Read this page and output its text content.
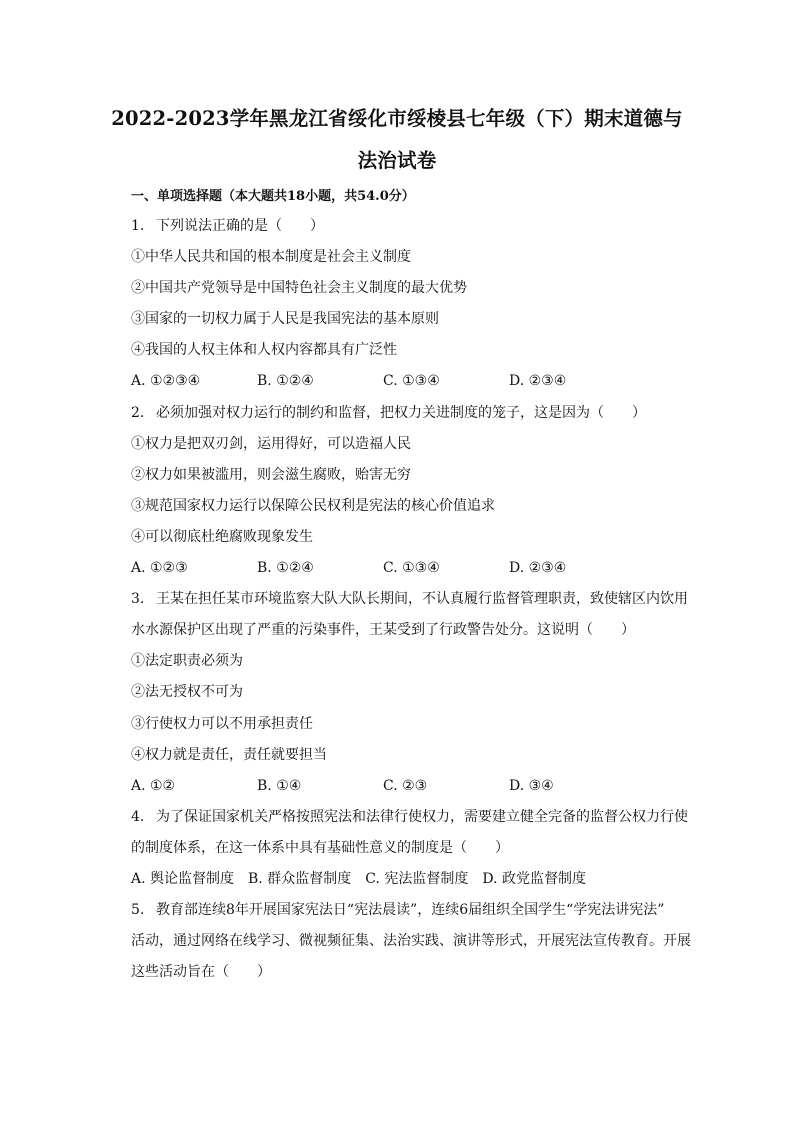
2022-2023学年黑龙江省绥化市绥棱县七年级（下）期末道德与
法治试卷
一、单项选择题（本大题共18小题，共54.0分）
1. 下列说法正确的是（　　）
①中华人民共和国的根本制度是社会主义制度
②中国共产党领导是中国特色社会主义制度的最大优势
③国家的一切权力属于人民是我国宪法的基本原则
④我国的人权主体和人权内容都具有广泛性
A. ①②③④	B. ①②④	C. ①③④	D. ②③④
2. 必须加强对权力运行的制约和监督，把权力关进制度的笼子，这是因为（　　）
①权力是把双刃剑，运用得好，可以造福人民
②权力如果被滥用，则会滋生腐败，贻害无穷
③规范国家权力运行以保障公民权利是宪法的核心价值追求
④可以彻底杜绝腐败现象发生
A. ①②③	B. ①②④	C. ①③④	D. ②③④
3. 王某在担任某市环境监察大队大队长期间，不认真履行监督管理职责，致使辖区内饮用
水水源保护区出现了严重的污染事件，王某受到了行政警告处分。这说明（　　）
①法定职责必须为
②法无授权不可为
③行使权力可以不用承担责任
④权力就是责任，责任就要担当
A. ①②	B. ①④	C. ②③	D. ③④
4. 为了保证国家机关严格按照宪法和法律行使权力，需要建立健全完备的监督公权力行使
的制度体系，在这一体系中具有基础性意义的制度是（　　）
A. 舆论监督制度 B. 群众监督制度 C. 宪法监督制度 D. 政党监督制度
5. 教育部连续8年开展国家宪法日“宪法晨读”，连续6届组织全国学生“学宪法讲宪法”
活动，通过网络在线学习、微视频征集、法治实践、演讲等形式，开展宪法宣传教育。开展
这些活动旨在（　　）
